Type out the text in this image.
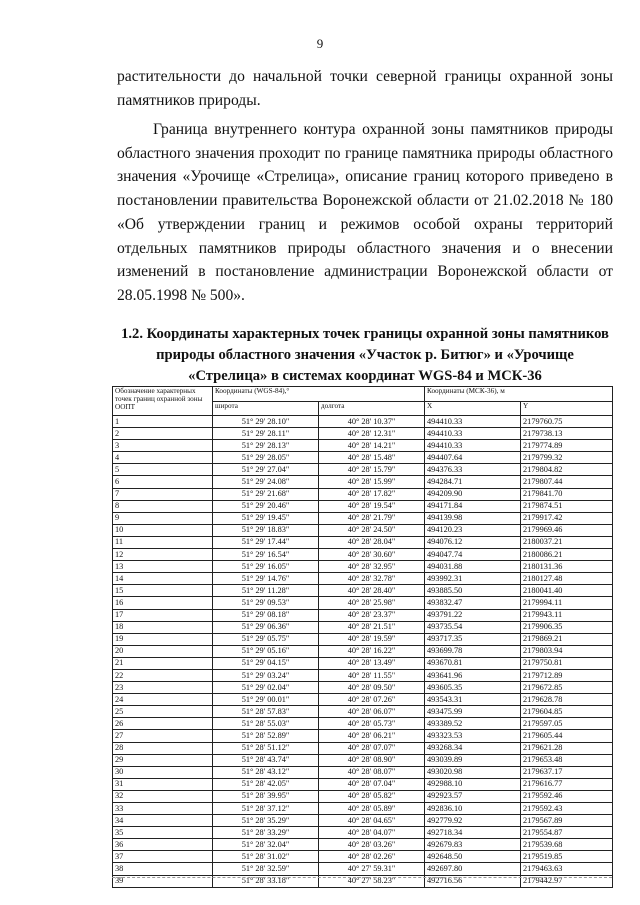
9
растительности до начальной точки северной границы охранной зоны памятников природы.
Граница внутреннего контура охранной зоны памятников природы областного значения проходит по границе памятника природы областного значения «Урочище «Стрелица», описание границ которого приведено в постановлении правительства Воронежской области от 21.02.2018 № 180 «Об утверждении границ и режимов особой охраны территорий отдельных памятников природы областного значения и о внесении изменений в постановление администрации Воронежской области от 28.05.1998 № 500».
1.2. Координаты характерных точек границы охранной зоны памятников природы областного значения «Участок р. Битюг» и «Урочище «Стрелица» в системах координат WGS-84 и МСК-36
Обозначение характерных точек границ охранной зоны ООПТ	Координаты (WGS-84),°		Координаты (МСК-36), м	
	широта	долгота	X	Y
1	51° 29' 28.10"	40° 28' 10.37"	494410.33	2179760.75
2	51° 29' 28.11"	40° 28' 12.31"	494410.33	2179738.13
3	51° 29' 28.13"	40° 28' 14.21"	494410.33	2179774.89
4	51° 29' 28.05"	40° 28' 15.48"	494407.64	2179799.32
5	51° 29' 27.04"	40° 28' 15.79"	494376.33	2179804.82
6	51° 29' 24.08"	40° 28' 15.99"	494284.71	2179807.44
7	51° 29' 21.68"	40° 28' 17.82"	494209.90	2179841.70
8	51° 29' 20.46"	40° 28' 19.54"	494171.84	2179874.51
9	51° 29' 19.45"	40° 28' 21.79"	494139.98	2179917.42
10	51° 29' 18.83"	40° 28' 24.50"	494120.23	2179969.46
11	51° 29' 17.44"	40° 28' 28.04"	494076.12	2180037.21
12	51° 29' 16.54"	40° 28' 30.60"	494047.74	2180086.21
13	51° 29' 16.05"	40° 28' 32.95"	494031.88	2180131.36
14	51° 29' 14.76"	40° 28' 32.78"	493992.31	2180127.48
15	51° 29' 11.28"	40° 28' 28.40"	493885.50	2180041.40
16	51° 29' 09.53"	40° 28' 25.98"	493832.47	2179994.11
17	51° 29' 08.18"	40° 28' 23.37"	493791.22	2179943.11
18	51° 29' 06.36"	40° 28' 21.51"	493735.54	2179906.35
19	51° 29' 05.75"	40° 28' 19.59"	493717.35	2179869.21
20	51° 29' 05.16"	40° 28' 16.22"	493699.78	2179803.94
21	51° 29' 04.15"	40° 28' 13.49"	493670.81	2179750.81
22	51° 29' 03.24"	40° 28' 11.55"	493641.96	2179712.89
23	51° 29' 02.04"	40° 28' 09.50"	493605.35	2179672.85
24	51° 29' 00.01"	40° 28' 07.26"	493543.31	2179628.78
25	51° 28' 57.83"	40° 28' 06.07"	493475.99	2179604.85
26	51° 28' 55.03"	40° 28' 05.73"	493389.52	2179597.05
27	51° 28' 52.89"	40° 28' 06.21"	493323.53	2179605.44
28	51° 28' 51.12"	40° 28' 07.07"	493268.34	2179621.28
29	51° 28' 43.74"	40° 28' 08.90"	493039.89	2179653.48
30	51° 28' 43.12"	40° 28' 08.07"	493020.98	2179637.17
31	51° 28' 42.05"	40° 28' 07.04"	492988.10	2179616.77
32	51° 28' 39.95"	40° 28' 05.82"	492923.57	2179592.46
33	51° 28' 37.12"	40° 28' 05.89"	492836.10	2179592.43
34	51° 28' 35.29"	40° 28' 04.65"	492779.92	2179567.89
35	51° 28' 33.29"	40° 28' 04.07"	492718.34	2179554.87
36	51° 28' 32.04"	40° 28' 03.26"	492679.83	2179539.68
37	51° 28' 31.02"	40° 28' 02.26"	492648.50	2179519.85
38	51° 28' 32.59"	40° 27' 59.31"	492697.80	2179463.63
39	51° 28' 33.18"	40° 27' 58.23"	492716.56	2179442.97
